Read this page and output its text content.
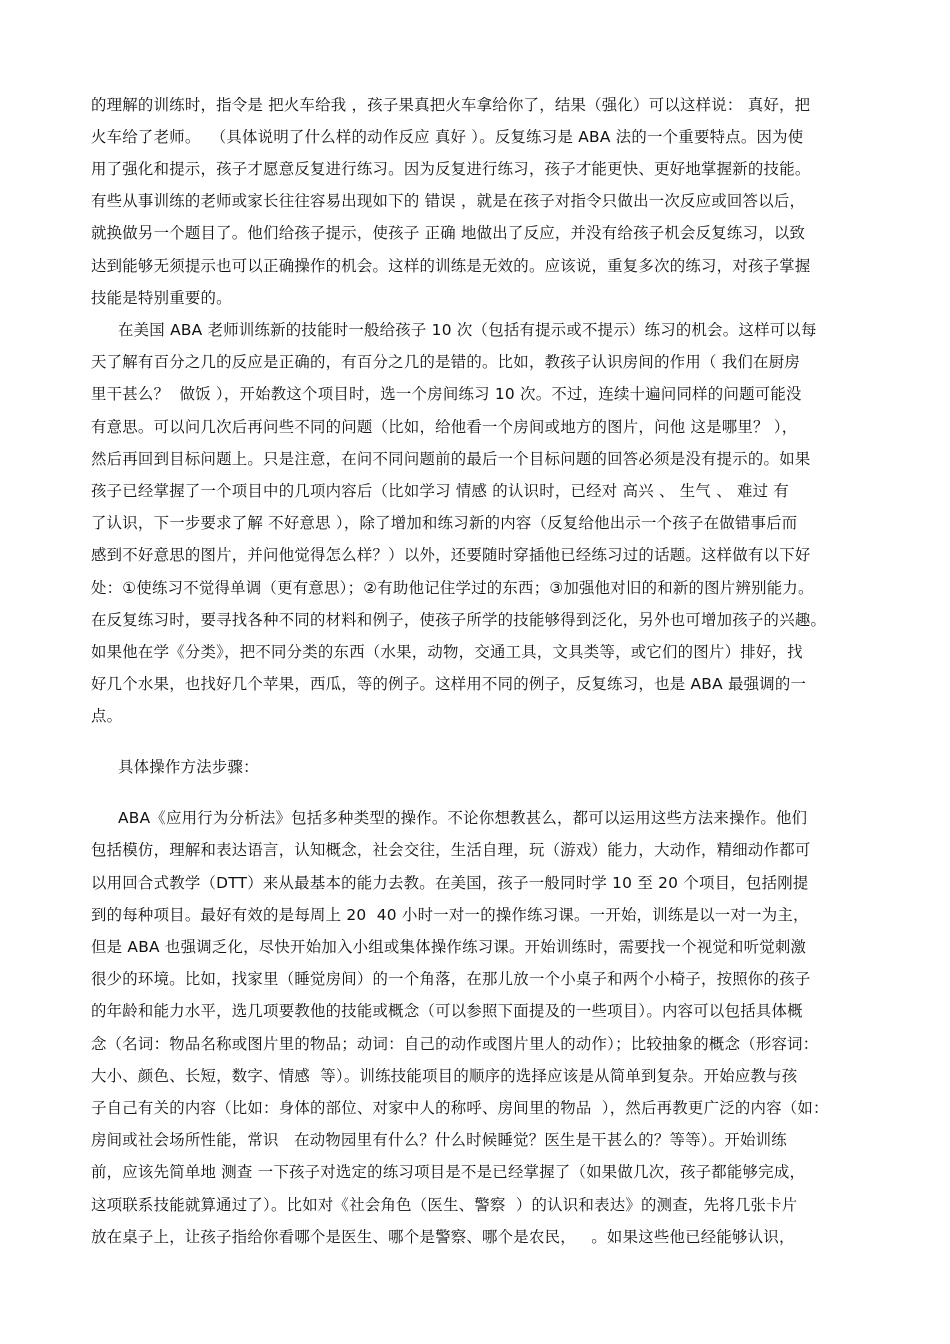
的理解的训练时，指令是 把火车给我 ，孩子果真把火车拿给你了，结果（强化）可以这样说： 真好，把
火车给了老师。  （具体说明了什么样的动作反应 真好 ）。反复练习是 ABA 法的一个重要特点。因为使
用了强化和提示，孩子才愿意反复进行练习。因为反复进行练习，孩子才能更快、更好地掌握新的技能。
有些从事训练的老师或家长往往容易出现如下的 错误 ，就是在孩子对指令只做出一次反应或回答以后，
就换做另一个题目了。他们给孩子提示，使孩子 正确 地做出了反应，并没有给孩子机会反复练习，以致
达到能够无须提示也可以正确操作的机会。这样的训练是无效的。应该说，重复多次的练习，对孩子掌握
技能是特别重要的。
在美国 ABA 老师训练新的技能时一般给孩子 10 次（包括有提示或不提示）练习的机会。这样可以每
天了解有百分之几的反应是正确的，有百分之几的是错的。比如，教孩子认识房间的作用（ 我们在厨房
里干甚么？  做饭 ），开始教这个项目时，选一个房间练习 10 次。不过，连续十遍问同样的问题可能没
有意思。可以问几次后再问些不同的问题（比如，给他看一个房间或地方的图片，问他 这是哪里？ ），
然后再回到目标问题上。只是注意，在问不同问题前的最后一个目标问题的回答必须是没有提示的。如果
孩子已经掌握了一个项目中的几项内容后（比如学习 情感 的认识时，已经对 高兴 、 生气 、 难过 有
了认识，下一步要求了解 不好意思 ），除了增加和练习新的内容（反复给他出示一个孩子在做错事后而
感到不好意思的图片，并问他觉得怎么样？）以外，还要随时穿插他已经练习过的话题。这样做有以下好
处：①使练习不觉得单调（更有意思）；②有助他记住学过的东西；③加强他对旧的和新的图片辨别能力。
在反复练习时，要寻找各种不同的材料和例子，使孩子所学的技能够得到泛化，另外也可增加孩子的兴趣。
如果他在学《分类》，把不同分类的东西（水果，动物，交通工具，文具类等，或它们的图片）排好，找
好几个水果，也找好几个苹果，西瓜，等的例子。这样用不同的例子，反复练习，也是 ABA 最强调的一
点。
具体操作方法步骤：
ABA《应用行为分析法》包括多种类型的操作。不论你想教甚么，都可以运用这些方法来操作。他们
包括模仿，理解和表达语言，认知概念，社会交往，生活自理，玩（游戏）能力，大动作，精细动作都可
以用回合式教学（DTT）来从最基本的能力去教。在美国，孩子一般同时学 10 至 20 个项目，包括刚提
到的每种项目。最好有效的是每周上 20  40 小时一对一的操作练习课。一开始，训练是以一对一为主，
但是 ABA 也强调乏化，尽快开始加入小组或集体操作练习课。开始训练时，需要找一个视觉和听觉刺激
很少的环境。比如，找家里（睡觉房间）的一个角落，在那儿放一个小桌子和两个小椅子，按照你的孩子
的年龄和能力水平，选几项要教他的技能或概念（可以参照下面提及的一些项目）。内容可以包括具体概
念（名词：物品名称或图片里的物品；动词：自己的动作或图片里人的动作）；比较抽象的概念（形容词：
大小、颜色、长短，数字、情感  等）。训练技能项目的顺序的选择应该是从简单到复杂。开始应教与孩
子自己有关的内容（比如：身体的部位、对家中人的称呼、房间里的物品  ），然后再教更广泛的内容（如：
房间或社会场所性能，常识   在动物园里有什么？什么时候睡觉？医生是干甚么的？等等）。开始训练
前，应该先简单地 测查 一下孩子对选定的练习项目是不是已经掌握了（如果做几次，孩子都能够完成，
这项联系技能就算通过了）。比如对《社会角色（医生、警察  ）的认识和表达》的测查，先将几张卡片
放在桌子上，让孩子指给你看哪个是医生、哪个是警察、哪个是农民，   。如果这些他已经能够认识，
